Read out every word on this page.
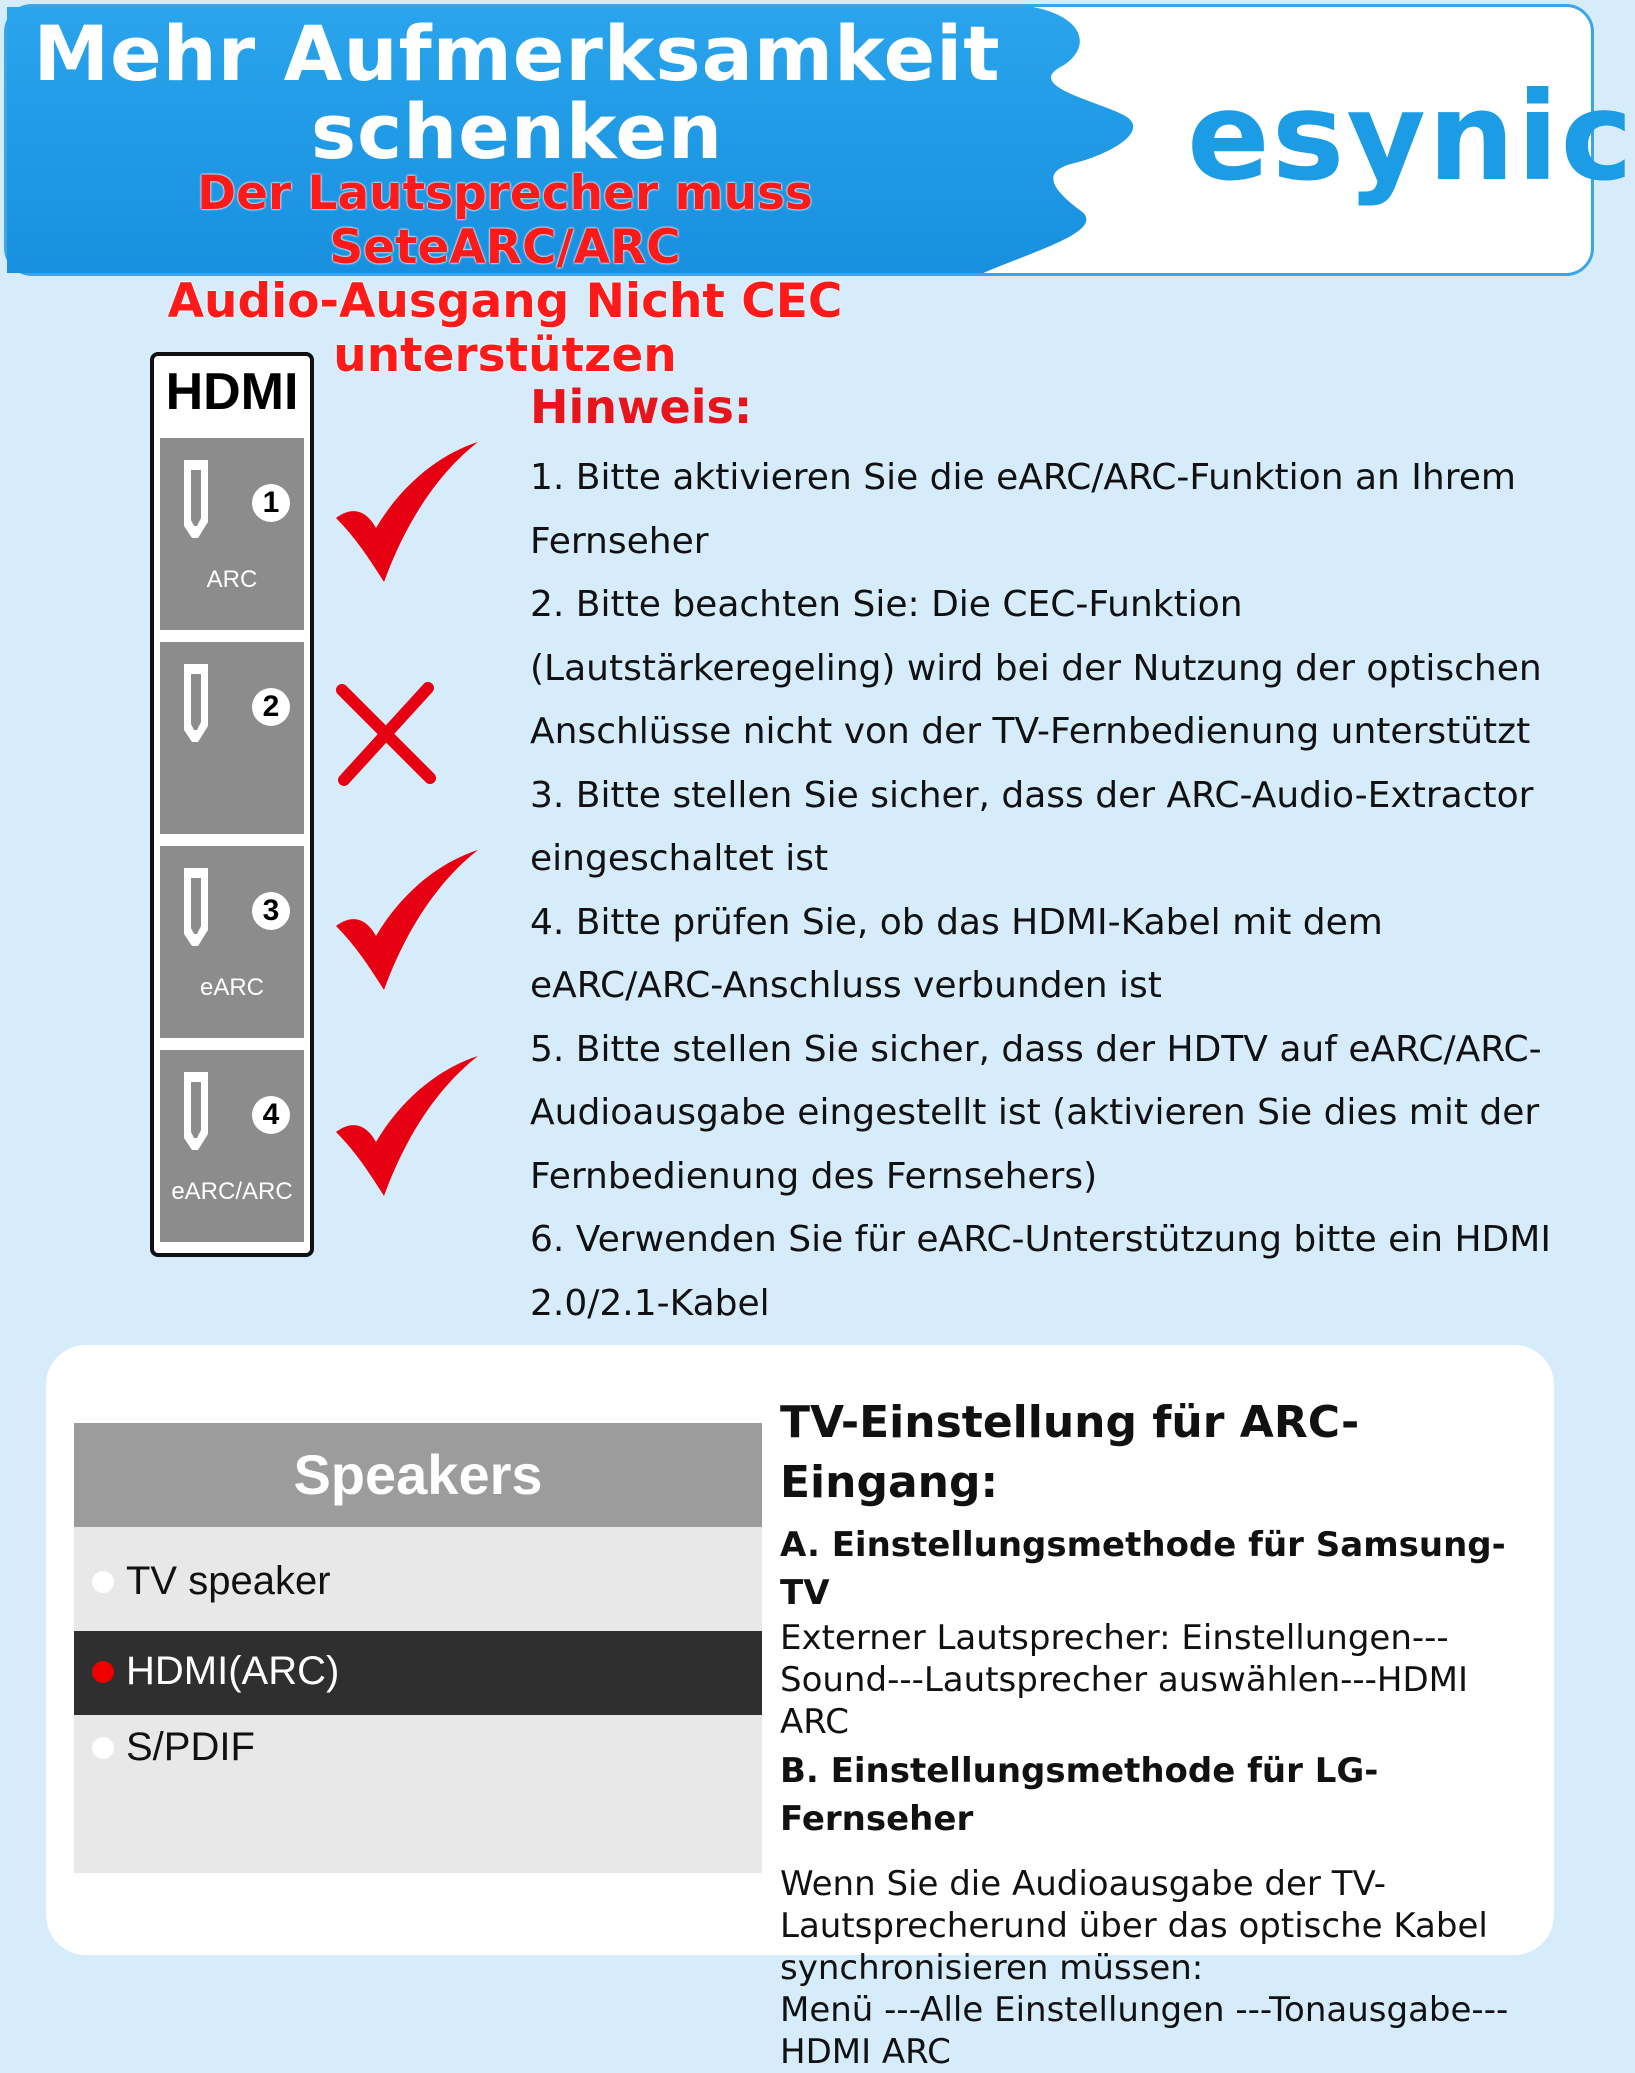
Mehr Aufmerksamkeit
schenken
Der Lautsprecher muss SeteARC/ARC
Audio-Ausgang Nicht CEC unterstützen
esynic
HDMI
1
ARC
2
3
eARC
4
eARC/ARC
Hinweis:
1. Bitte aktivieren Sie die eARC/ARC-Funktion an Ihrem Fernseher
2. Bitte beachten Sie: Die CEC-Funktion (Lautstärkeregeling) wird bei der Nutzung der optischen Anschlüsse nicht von der TV-Fernbedienung unterstützt
3. Bitte stellen Sie sicher, dass der ARC-Audio-Extractor eingeschaltet ist
4. Bitte prüfen Sie, ob das HDMI-Kabel mit dem eARC/ARC-Anschluss verbunden ist
5. Bitte stellen Sie sicher, dass der HDTV auf eARC/ARC-Audioausgabe eingestellt ist (aktivieren Sie dies mit der Fernbedienung des Fernsehers)
6. Verwenden Sie für eARC-Unterstützung bitte ein HDMI 2.0/2.1-Kabel
Speakers
TV speaker
HDMI(ARC)
S/PDIF

TV-Einstellung für ARC-Eingang:

A. Einstellungsmethode für Samsung-TV

Externer Lautsprecher: Einstellungen---Sound---Lautsprecher auswählen---HDMI ARC

B. Einstellungsmethode für LG-Fernseher

Wenn Sie die Audioausgabe der TV-Lautsprecherund über das optische Kabel synchronisieren müssen:

Menü ---Alle Einstellungen ---Tonausgabe---HDMI ARC
